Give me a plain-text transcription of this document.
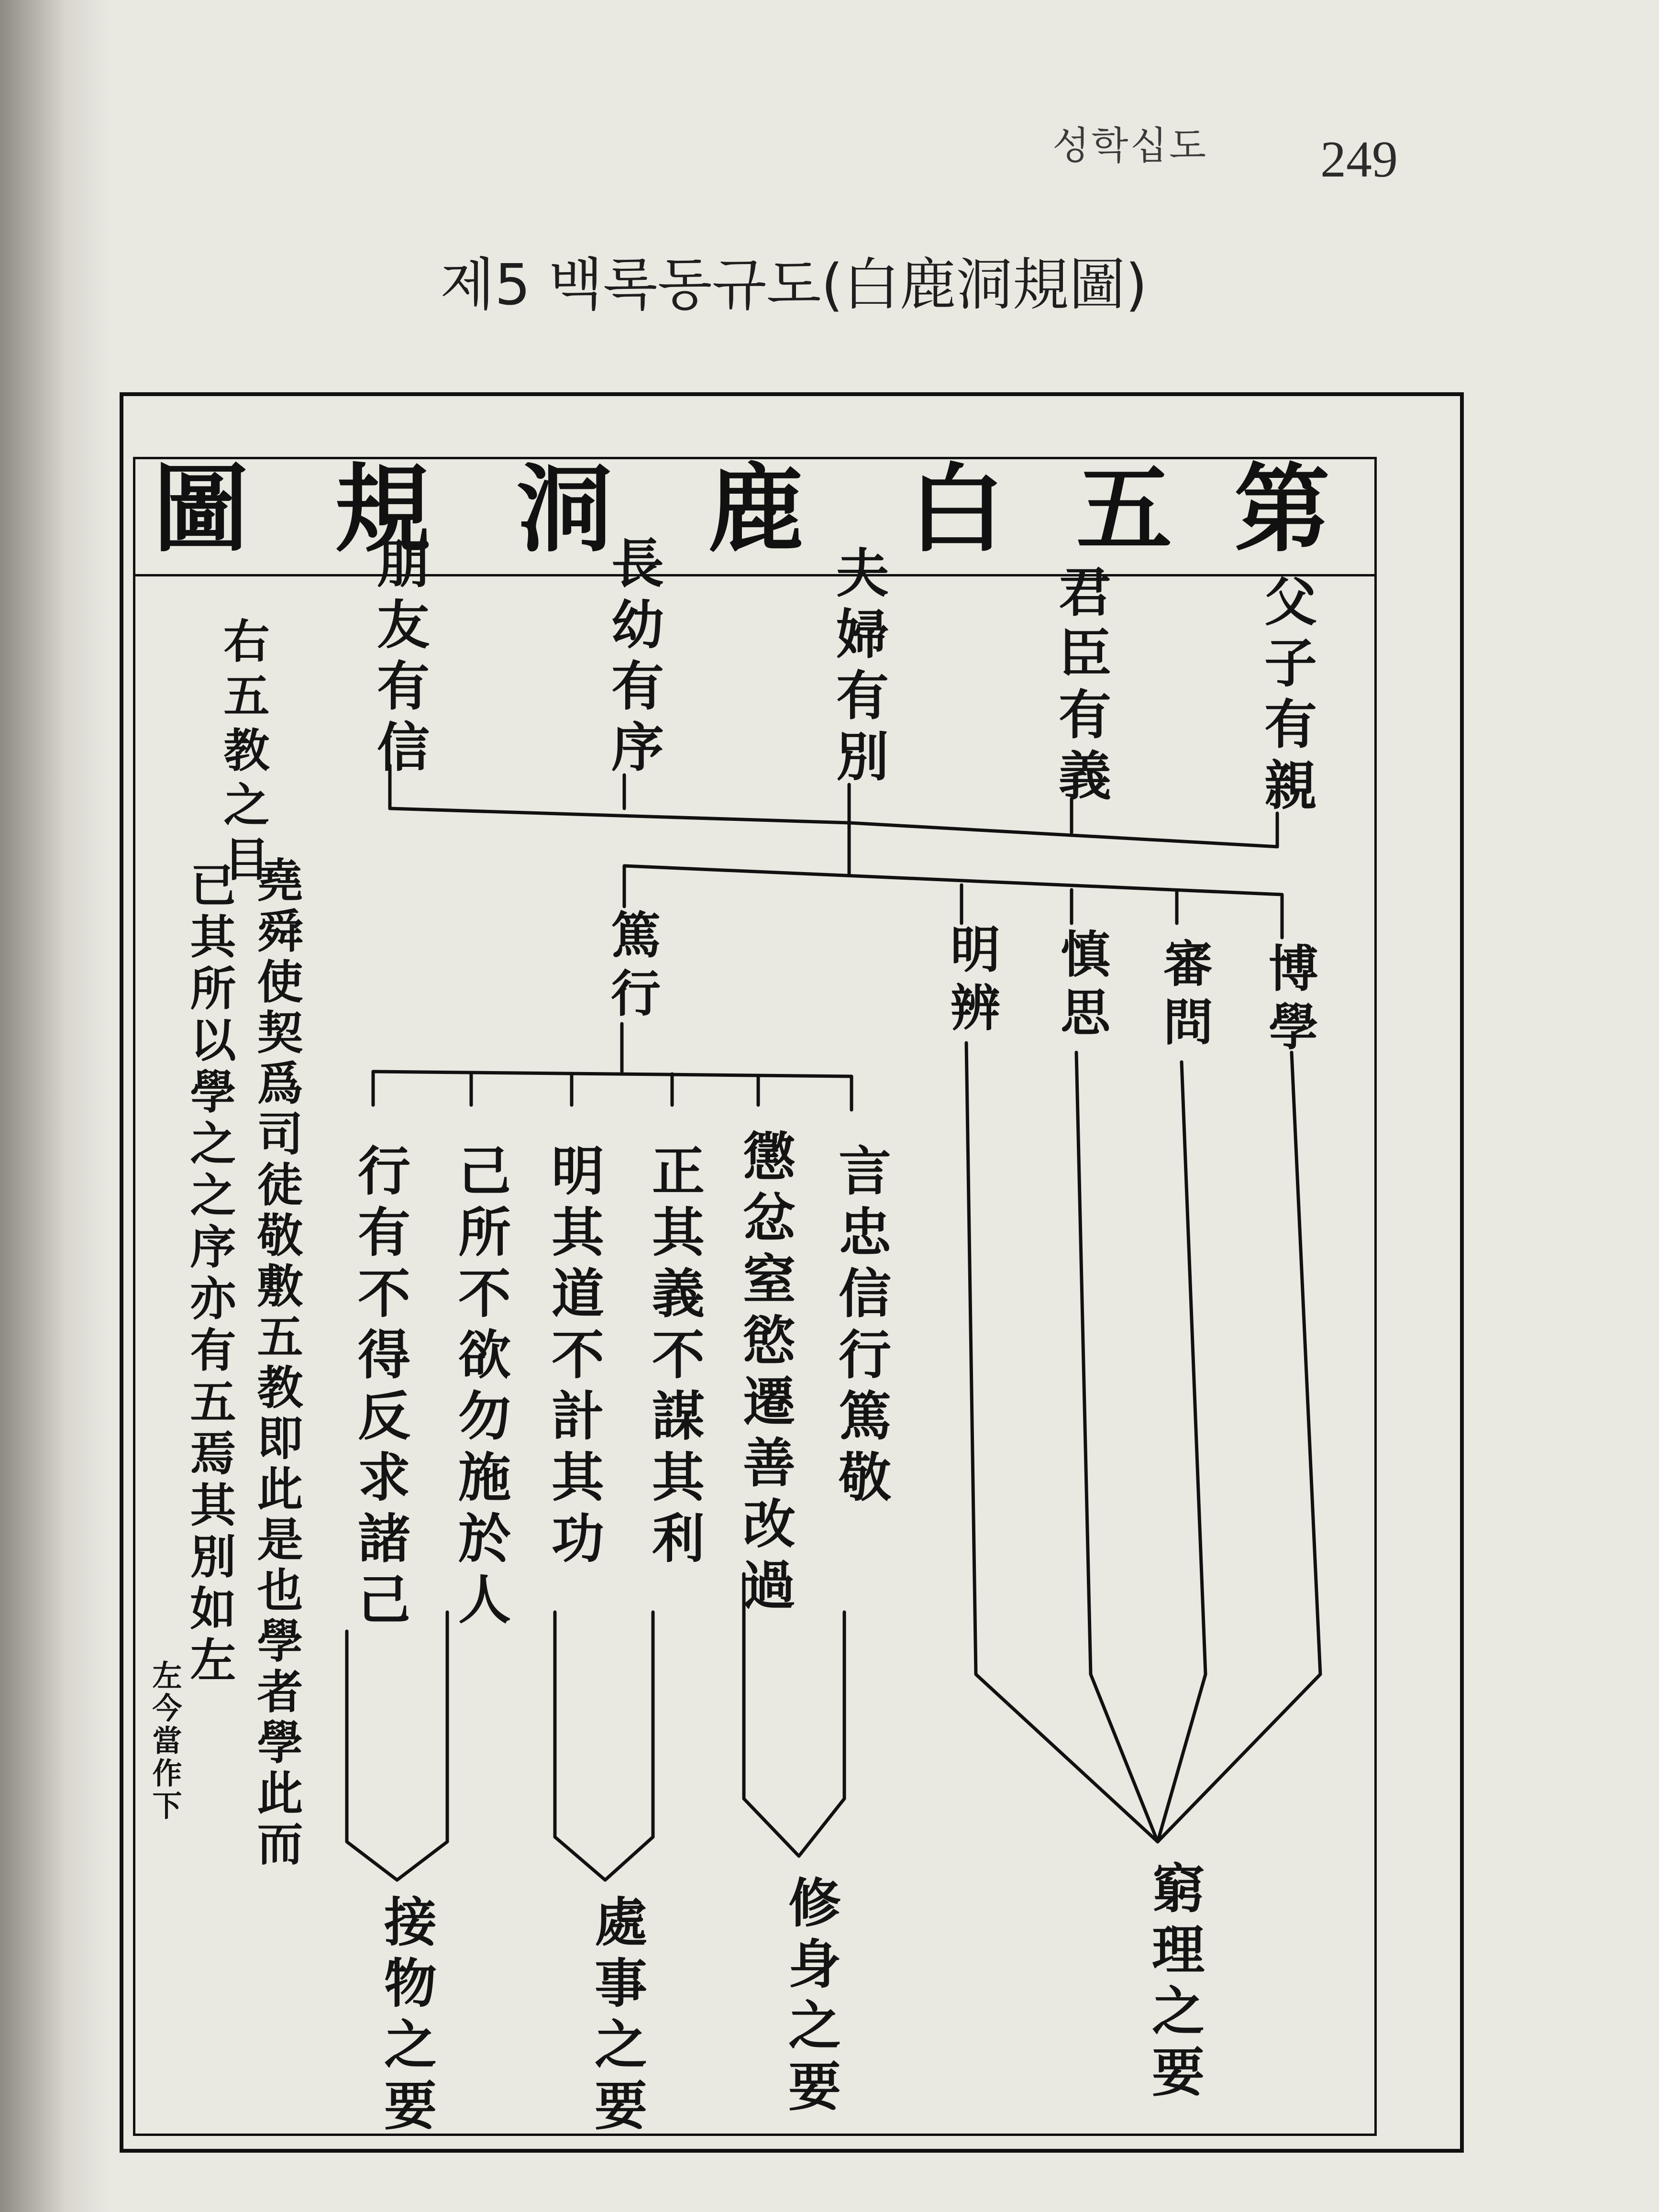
성학십도 249
제5 백록동규도(白鹿洞規圖)
圖 規 洞 鹿 白 五 第
父子有親
君臣有義
夫婦有別
長幼有序
朋友有信
博學
審問
慎思
明辨
篤行
言忠信行篤敬
懲忿窒慾遷善改過
正其義不謀其利
明其道不計其功
己所不欲勿施於人
行有不得反求諸己
窮理之要
修身之要
處事之要
接物之要
右五教之目
堯舜使契爲司徒敬敷五教即此是也學者學此而
已其所以學之之序亦有五焉其別如左
左今當作下
